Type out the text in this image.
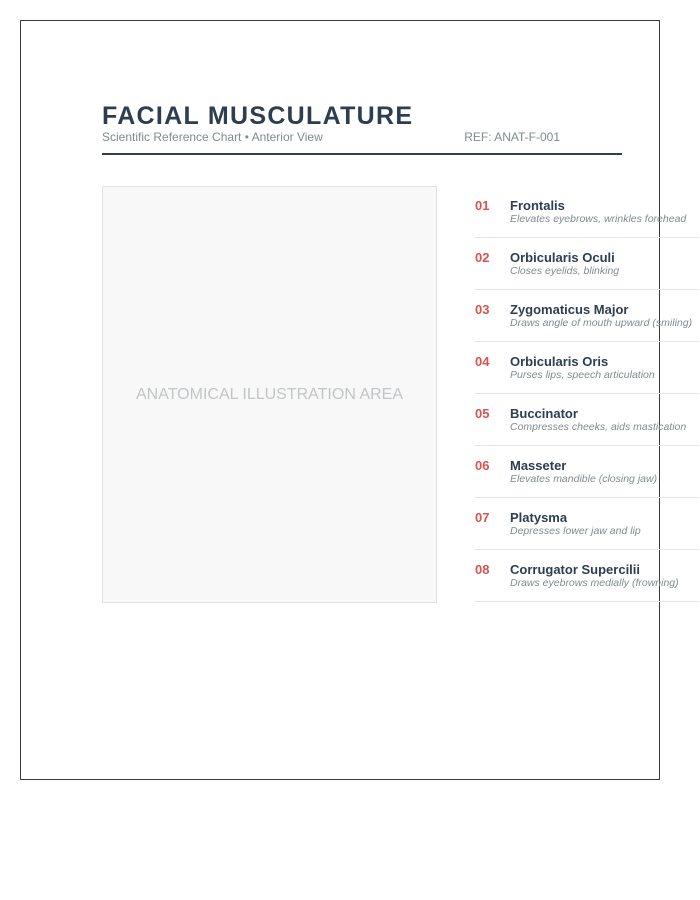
FACIAL MUSCULATURE
Scientific Reference Chart • Anterior View	REF: ANAT-F-001
ANATOMICAL ILLUSTRATION AREA
01 Frontalis
Elevates eyebrows, wrinkles forehead
02 Orbicularis Oculi
Closes eyelids, blinking
03 Zygomaticus Major
Draws angle of mouth upward (smiling)
04 Orbicularis Oris
Purses lips, speech articulation
05 Buccinator
Compresses cheeks, aids mastication
06 Masseter
Elevates mandible (closing jaw)
07 Platysma
Depresses lower jaw and lip
08 Corrugator Supercilii
Draws eyebrows medially (frowning)
